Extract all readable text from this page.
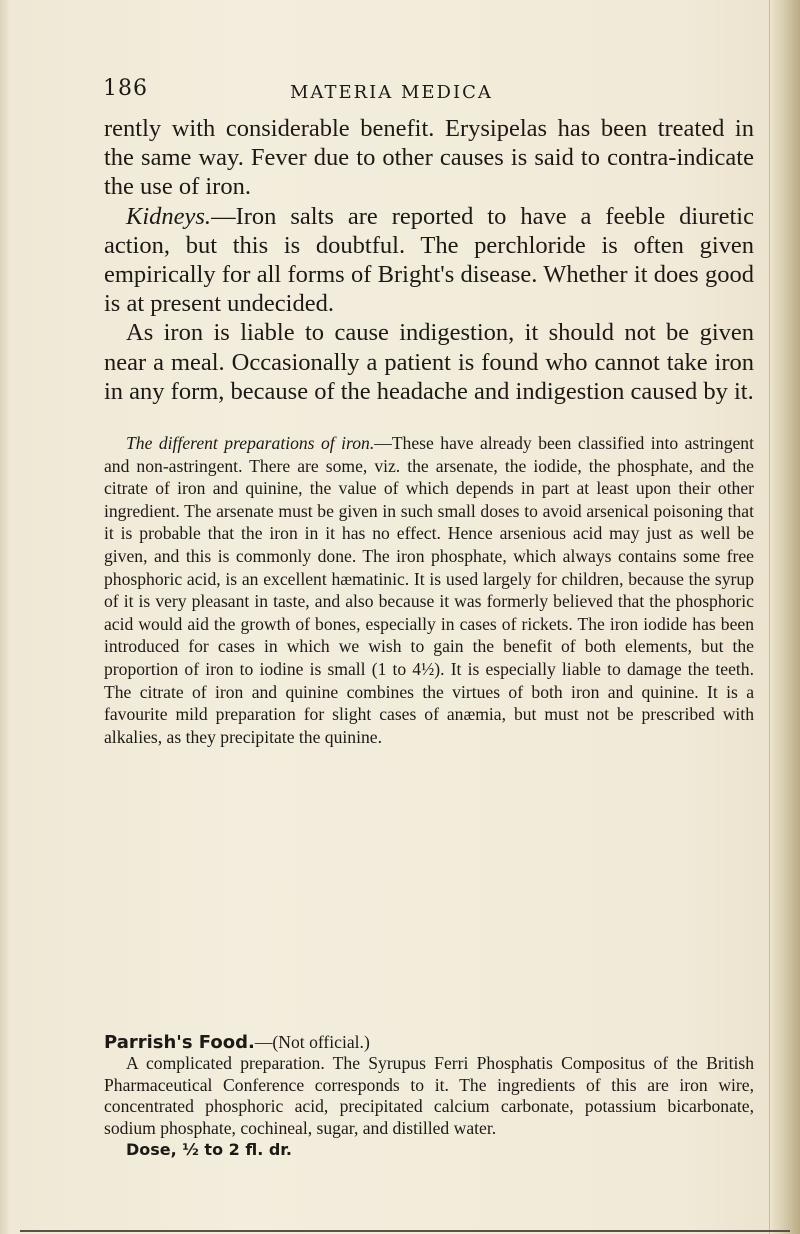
186	MATERIA MEDICA

rently with considerable benefit. Erysipelas has been treated in the same way. Fever due to other causes is said to contra-indicate the use of iron.

Kidneys.—Iron salts are reported to have a feeble diuretic action, but this is doubtful. The perchloride is often given empirically for all forms of Bright's disease. Whether it does good is at present undecided.

As iron is liable to cause indigestion, it should not be given near a meal. Occasionally a patient is found who cannot take iron in any form, because of the headache and indigestion caused by it.

The different preparations of iron.—These have already been classified into astringent and non-astringent. There are some, viz. the arsenate, the iodide, the phosphate, and the citrate of iron and quinine, the value of which depends in part at least upon their other ingredient. The arsenate must be given in such small doses to avoid arsenical poisoning that it is probable that the iron in it has no effect. Hence arsenious acid may just as well be given, and this is commonly done. The iron phosphate, which always contains some free phosphoric acid, is an excellent hæmatinic. It is used largely for children, because the syrup of it is very pleasant in taste, and also because it was formerly believed that the phosphoric acid would aid the growth of bones, especially in cases of rickets. The iron iodide has been introduced for cases in which we wish to gain the benefit of both elements, but the proportion of iron to iodine is small (1 to 4½). It is especially liable to damage the teeth. The citrate of iron and quinine combines the virtues of both iron and quinine. It is a favourite mild preparation for slight cases of anæmia, but must not be prescribed with alkalies, as they precipitate the quinine.

Parrish's Food.—(Not official.)

A complicated preparation. The Syrupus Ferri Phosphatis Compositus of the British Pharmaceutical Conference corresponds to it. The ingredients of this are iron wire, concentrated phosphoric acid, precipitated calcium carbonate, potassium bicarbonate, sodium phosphate, cochineal, sugar, and distilled water.

Dose, ½ to 2 fl. dr.
